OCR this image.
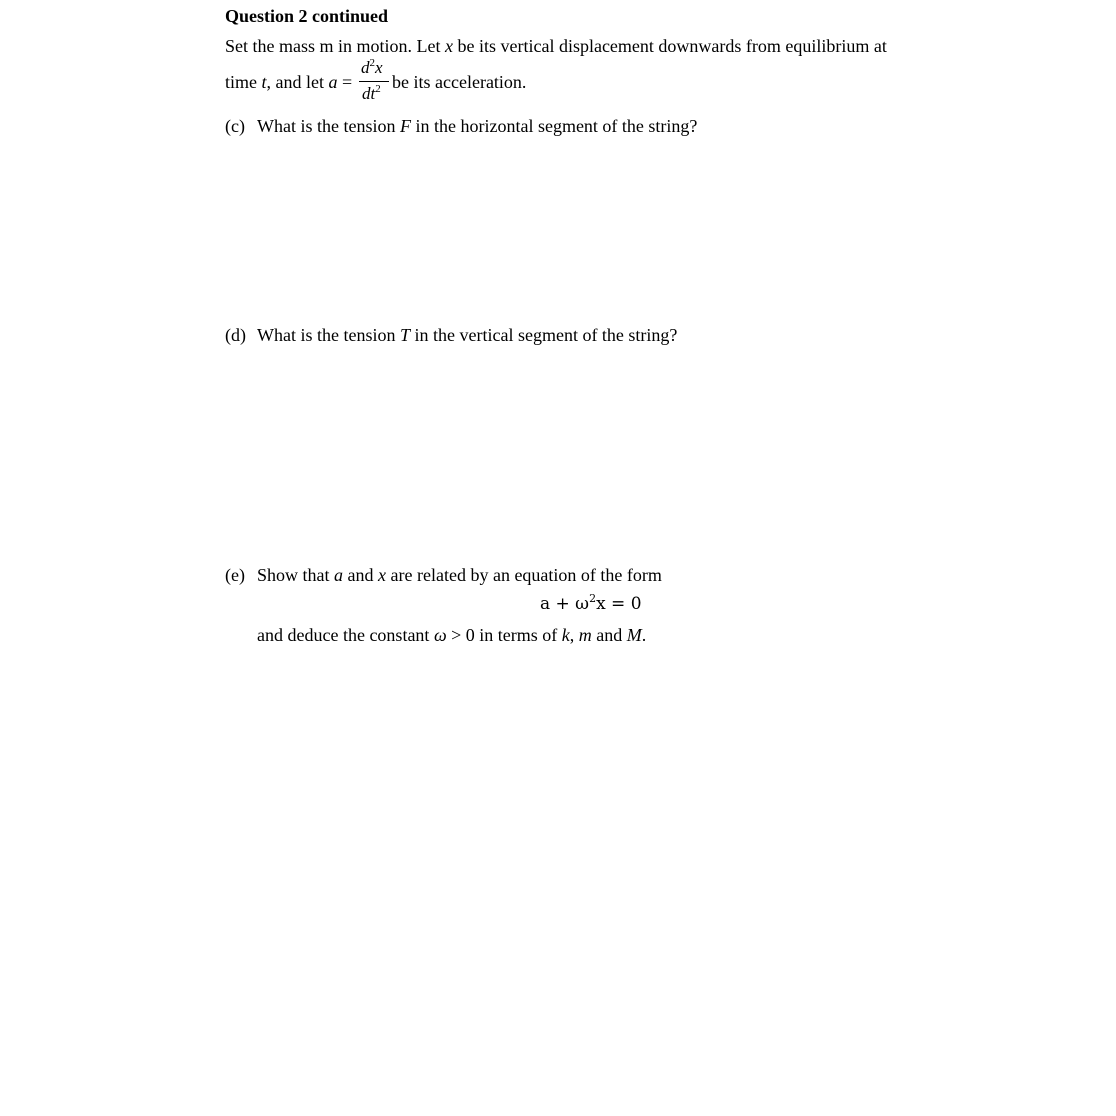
Question 2 continued
Set the mass m in motion. Let x be its vertical displacement downwards from equilibrium at
time t, and let a =
$d^2x$
$dt^2$ be its acceleration.
(c) What is the tension F in the horizontal segment of the string?
(d) What is the tension T in the vertical segment of the string?
(e) Show that a and x are related by an equation of the form
$a + \omega^2x = 0$
and deduce the constant ω > 0 in terms of k, m and M.
